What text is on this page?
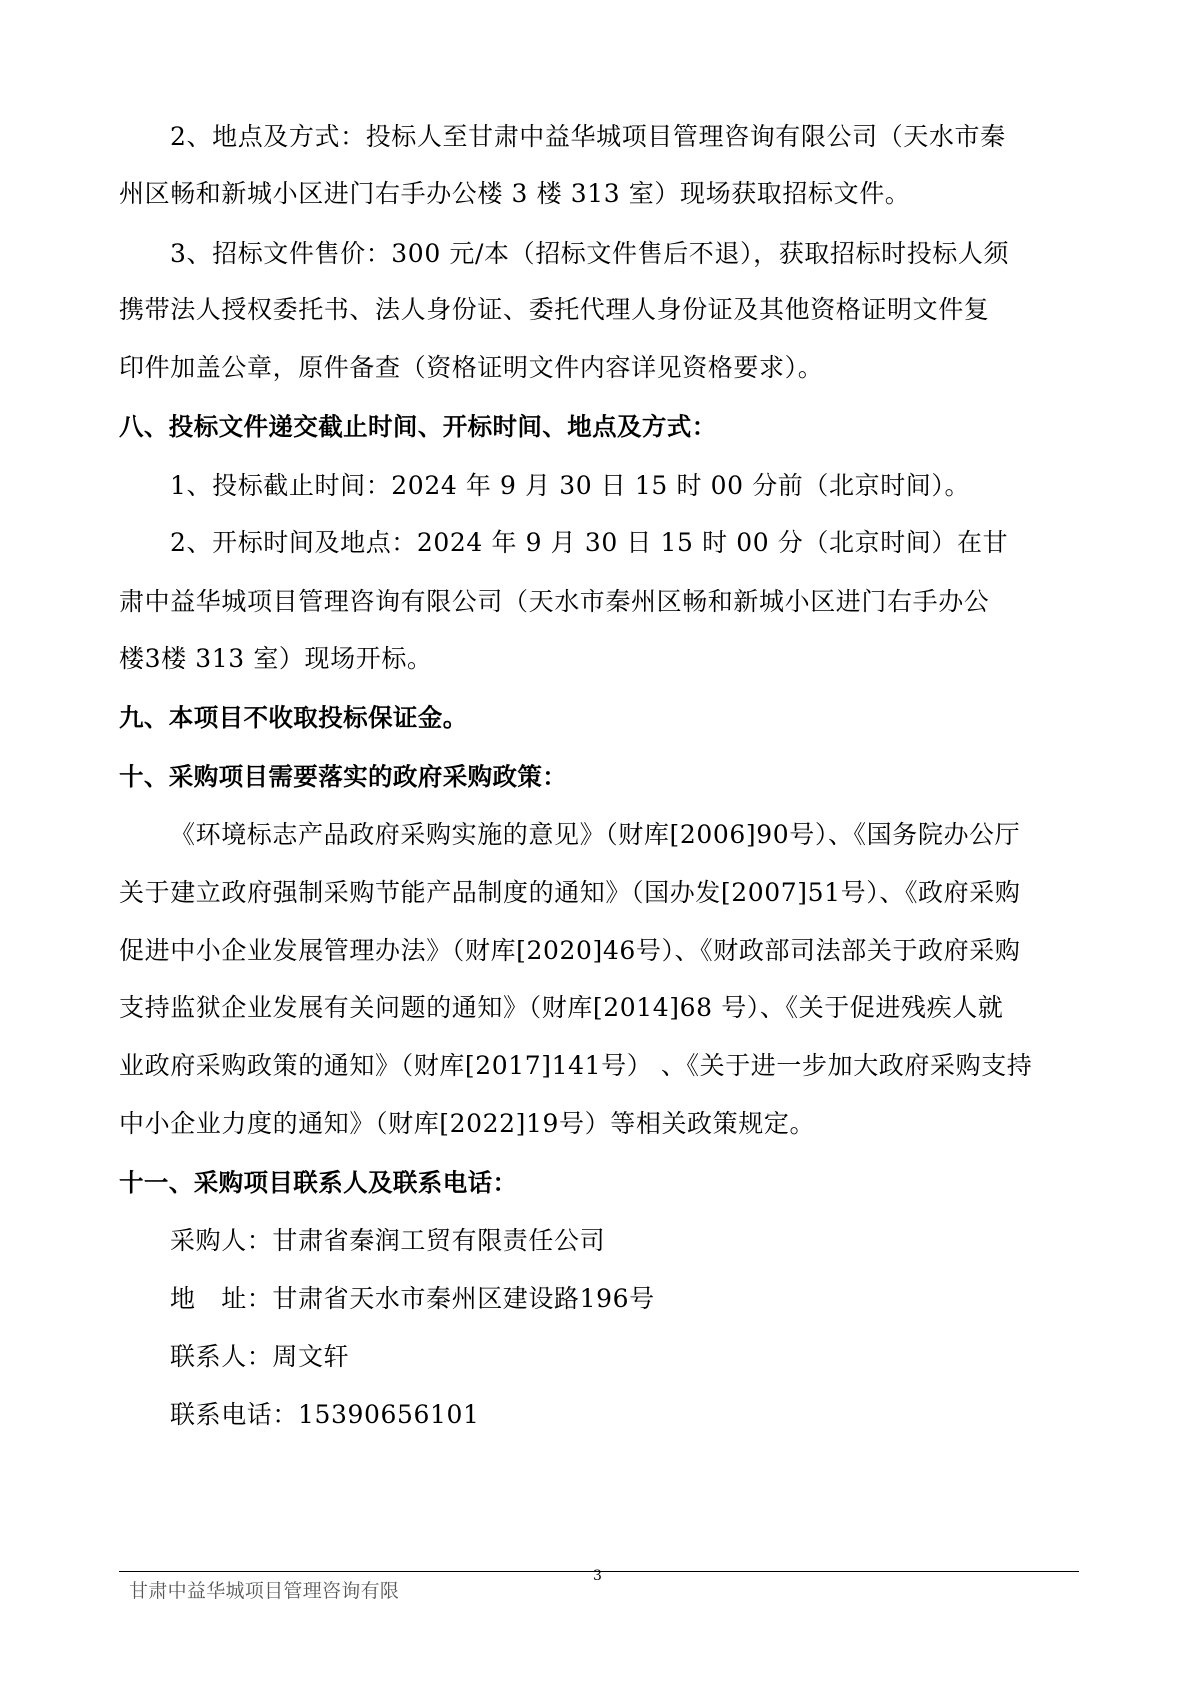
2、地点及方式：投标人至甘肃中益华城项目管理咨询有限公司（天水市秦
州区畅和新城小区进门右手办公楼 3 楼 313 室）现场获取招标文件。
3、招标文件售价：300 元/本（招标文件售后不退），获取招标时投标人须
携带法人授权委托书、法人身份证、委托代理人身份证及其他资格证明文件复
印件加盖公章，原件备查（资格证明文件内容详见资格要求）。
八、投标文件递交截止时间、开标时间、地点及方式：
1、投标截止时间：2024 年 9 月 30 日 15 时 00 分前（北京时间）。
2、开标时间及地点：2024 年 9 月 30 日 15 时 00 分（北京时间）在甘
肃中益华城项目管理咨询有限公司（天水市秦州区畅和新城小区进门右手办公
楼3楼 313 室）现场开标。
九、本项目不收取投标保证金。
十、采购项目需要落实的政府采购政策：
《环境标志产品政府采购实施的意见》（财库[2006]90号）、《国务院办公厅
关于建立政府强制采购节能产品制度的通知》（国办发[2007]51号）、《政府采购
促进中小企业发展管理办法》（财库[2020]46号）、《财政部司法部关于政府采购
支持监狱企业发展有关问题的通知》（财库[2014]68 号）、《关于促进残疾人就
业政府采购政策的通知》（财库[2017]141号） 、《关于进一步加大政府采购支持
中小企业力度的通知》（财库[2022]19号）等相关政策规定。
十一、采购项目联系人及联系电话：
采购人：甘肃省秦润工贸有限责任公司
地　址：甘肃省天水市秦州区建设路196号
联系人：周文轩
联系电话：15390656101
3
甘肃中益华城项目管理咨询有限
